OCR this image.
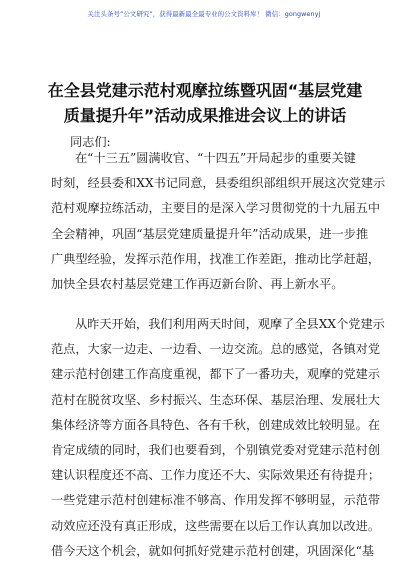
关注头条号“公文研究”，获得最新最全最专业的公文资料库！ 微信：gongwenyj
在全县党建示范村观摩拉练暨巩固“基层党建
质量提升年”活动成果推进会议上的讲话
同志们:
在“十三五”圆满收官、“十四五”开局起步的重要关键
时刻，经县委和XX书记同意，县委组织部组织开展这次党建示
范村观摩拉练活动，主要目的是深入学习贯彻党的十九届五中
全会精神，巩固“基层党建质量提升年”活动成果，进一步推
广典型经验，发挥示范作用，找准工作差距，推动比学赶超，
加快全县农村基层党建工作再迈新台阶、再上新水平。
从昨天开始，我们利用两天时间，观摩了全县XX个党建示
范点，大家一边走、一边看、一边交流。总的感觉，各镇对党
建示范村创建工作高度重视，都下了一番功夫，观摩的党建示
范村在脱贫攻坚、乡村振兴、生态环保、基层治理、发展壮大
集体经济等方面各具特色、各有千秋，创建成效比较明显。在
肯定成绩的同时，我们也要看到，个别镇党委对党建示范村创
建认识程度还不高、工作力度还不大、实际效果还有待提升；
一些党建示范村创建标准不够高、作用发挥不够明显，示范带
动效应还没有真正形成，这些需要在以后工作认真加以改进。
借今天这个机会，就如何抓好党建示范村创建，巩固深化“基
